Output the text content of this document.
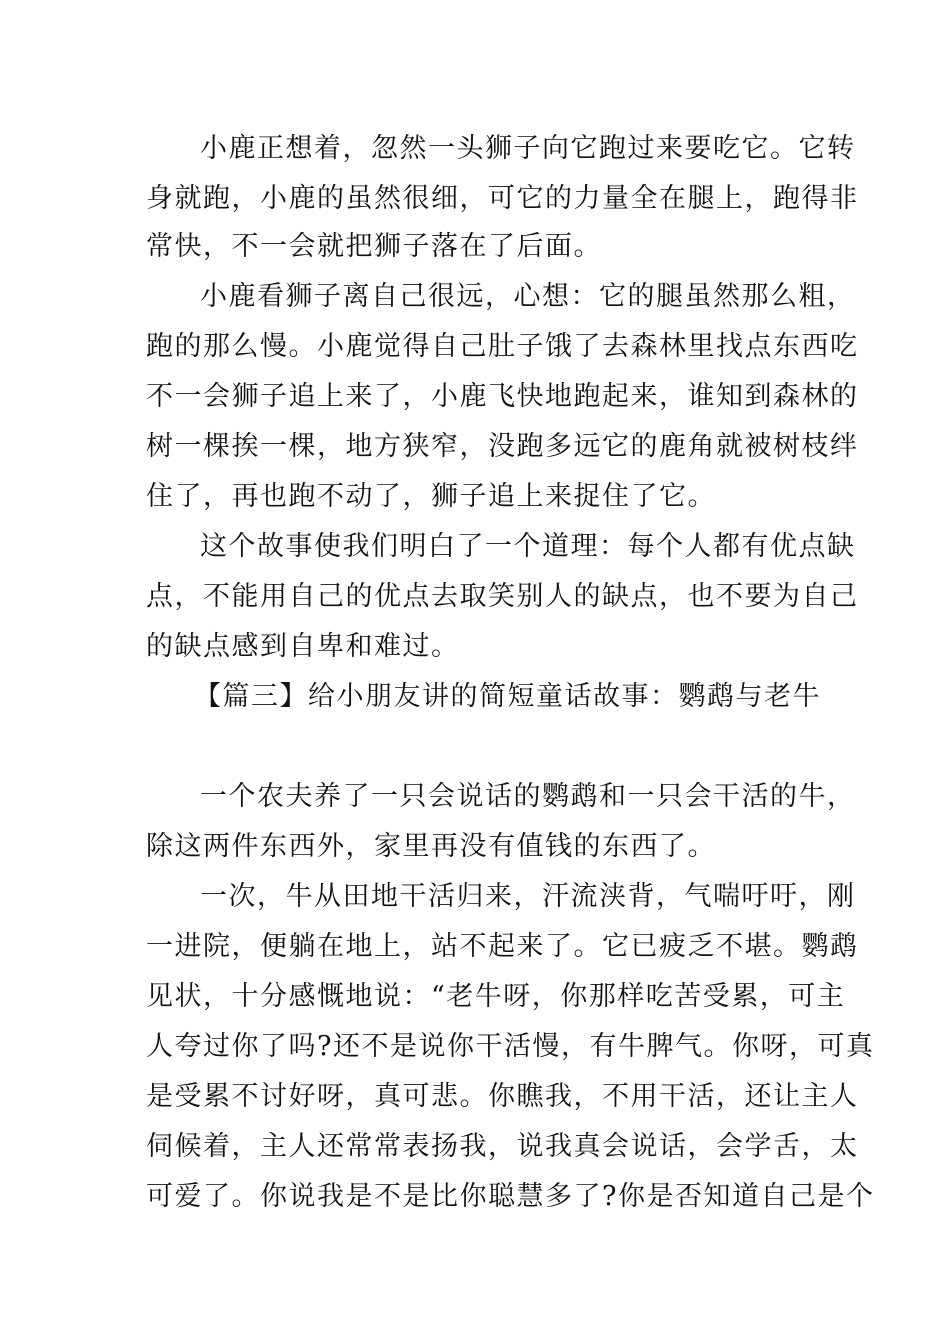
小鹿正想着，忽然一头狮子向它跑过来要吃它。它转
身就跑，小鹿的虽然很细，可它的力量全在腿上，跑得非
常快，不一会就把狮子落在了后面。
小鹿看狮子离自己很远，心想：它的腿虽然那么粗，
跑的那么慢。小鹿觉得自己肚子饿了去森林里找点东西吃
不一会狮子追上来了，小鹿飞快地跑起来，谁知到森林的
树一棵挨一棵，地方狭窄，没跑多远它的鹿角就被树枝绊
住了，再也跑不动了，狮子追上来捉住了它。
这个故事使我们明白了一个道理：每个人都有优点缺
点，不能用自己的优点去取笑别人的缺点，也不要为自己
的缺点感到自卑和难过。
【篇三】给小朋友讲的简短童话故事：鹦鹉与老牛
一个农夫养了一只会说话的鹦鹉和一只会干活的牛，
除这两件东西外，家里再没有值钱的东西了。
一次，牛从田地干活归来，汗流浃背，气喘吁吁，刚
一进院，便躺在地上，站不起来了。它已疲乏不堪。鹦鹉
见状，十分感慨地说：“老牛呀，你那样吃苦受累，可主
人夸过你了吗?还不是说你干活慢，有牛脾气。你呀，可真
是受累不讨好呀，真可悲。你瞧我，不用干活，还让主人
伺候着，主人还常常表扬我，说我真会说话，会学舌，太
可爱了。你说我是不是比你聪慧多了?你是否知道自己是个
